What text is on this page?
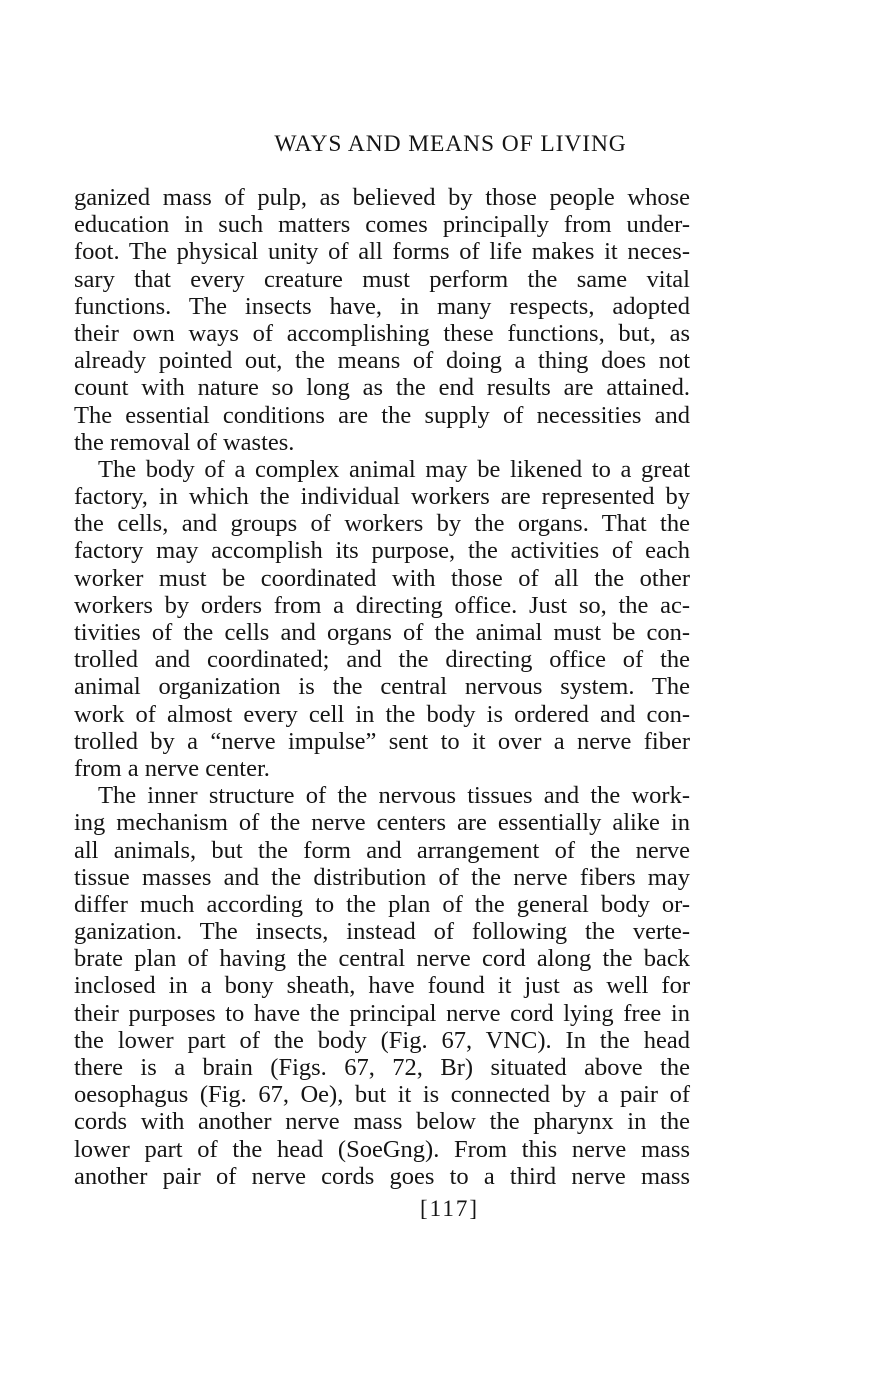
WAYS AND MEANS OF LIVING
ganized mass of pulp, as believed by those people whose
education in such matters comes principally from under-
foot. The physical unity of all forms of life makes it neces-
sary that every creature must perform the same vital
functions. The insects have, in many respects, adopted
their own ways of accomplishing these functions, but, as
already pointed out, the means of doing a thing does not
count with nature so long as the end results are attained.
The essential conditions are the supply of necessities and
the removal of wastes.
The body of a complex animal may be likened to a great
factory, in which the individual workers are represented by
the cells, and groups of workers by the organs. That the
factory may accomplish its purpose, the activities of each
worker must be coordinated with those of all the other
workers by orders from a directing office. Just so, the ac-
tivities of the cells and organs of the animal must be con-
trolled and coordinated; and the directing office of the
animal organization is the central nervous system. The
work of almost every cell in the body is ordered and con-
trolled by a “nerve impulse” sent to it over a nerve fiber
from a nerve center.
The inner structure of the nervous tissues and the work-
ing mechanism of the nerve centers are essentially alike in
all animals, but the form and arrangement of the nerve
tissue masses and the distribution of the nerve fibers may
differ much according to the plan of the general body or-
ganization. The insects, instead of following the verte-
brate plan of having the central nerve cord along the back
inclosed in a bony sheath, have found it just as well for
their purposes to have the principal nerve cord lying free in
the lower part of the body (Fig. 67, VNC). In the head
there is a brain (Figs. 67, 72, Br) situated above the
oesophagus (Fig. 67, Oe), but it is connected by a pair of
cords with another nerve mass below the pharynx in the
lower part of the head (SoeGng). From this nerve mass
another pair of nerve cords goes to a third nerve mass
[117]
